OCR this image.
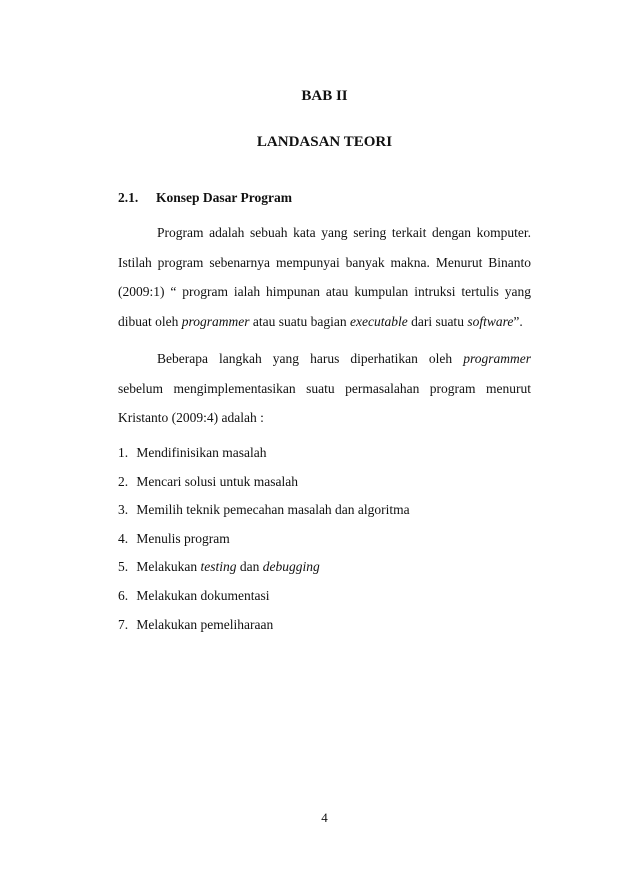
BAB II
LANDASAN TEORI
2.1. Konsep Dasar Program

Program adalah sebuah kata yang sering terkait dengan komputer. Istilah program sebenarnya mempunyai banyak makna. Menurut Binanto (2009:1) “ program ialah himpunan atau kumpulan intruksi tertulis yang dibuat oleh programmer atau suatu bagian executable dari suatu software”.

Beberapa langkah yang harus diperhatikan oleh programmer sebelum mengimplementasikan suatu permasalahan program menurut Kristanto (2009:4) adalah :

1. Mendifinisikan masalah
2. Mencari solusi untuk masalah
3. Memilih teknik pemecahan masalah dan algoritma
4. Menulis program
5. Melakukan testing dan debugging
6. Melakukan dokumentasi
7. Melakukan pemeliharaan
4
